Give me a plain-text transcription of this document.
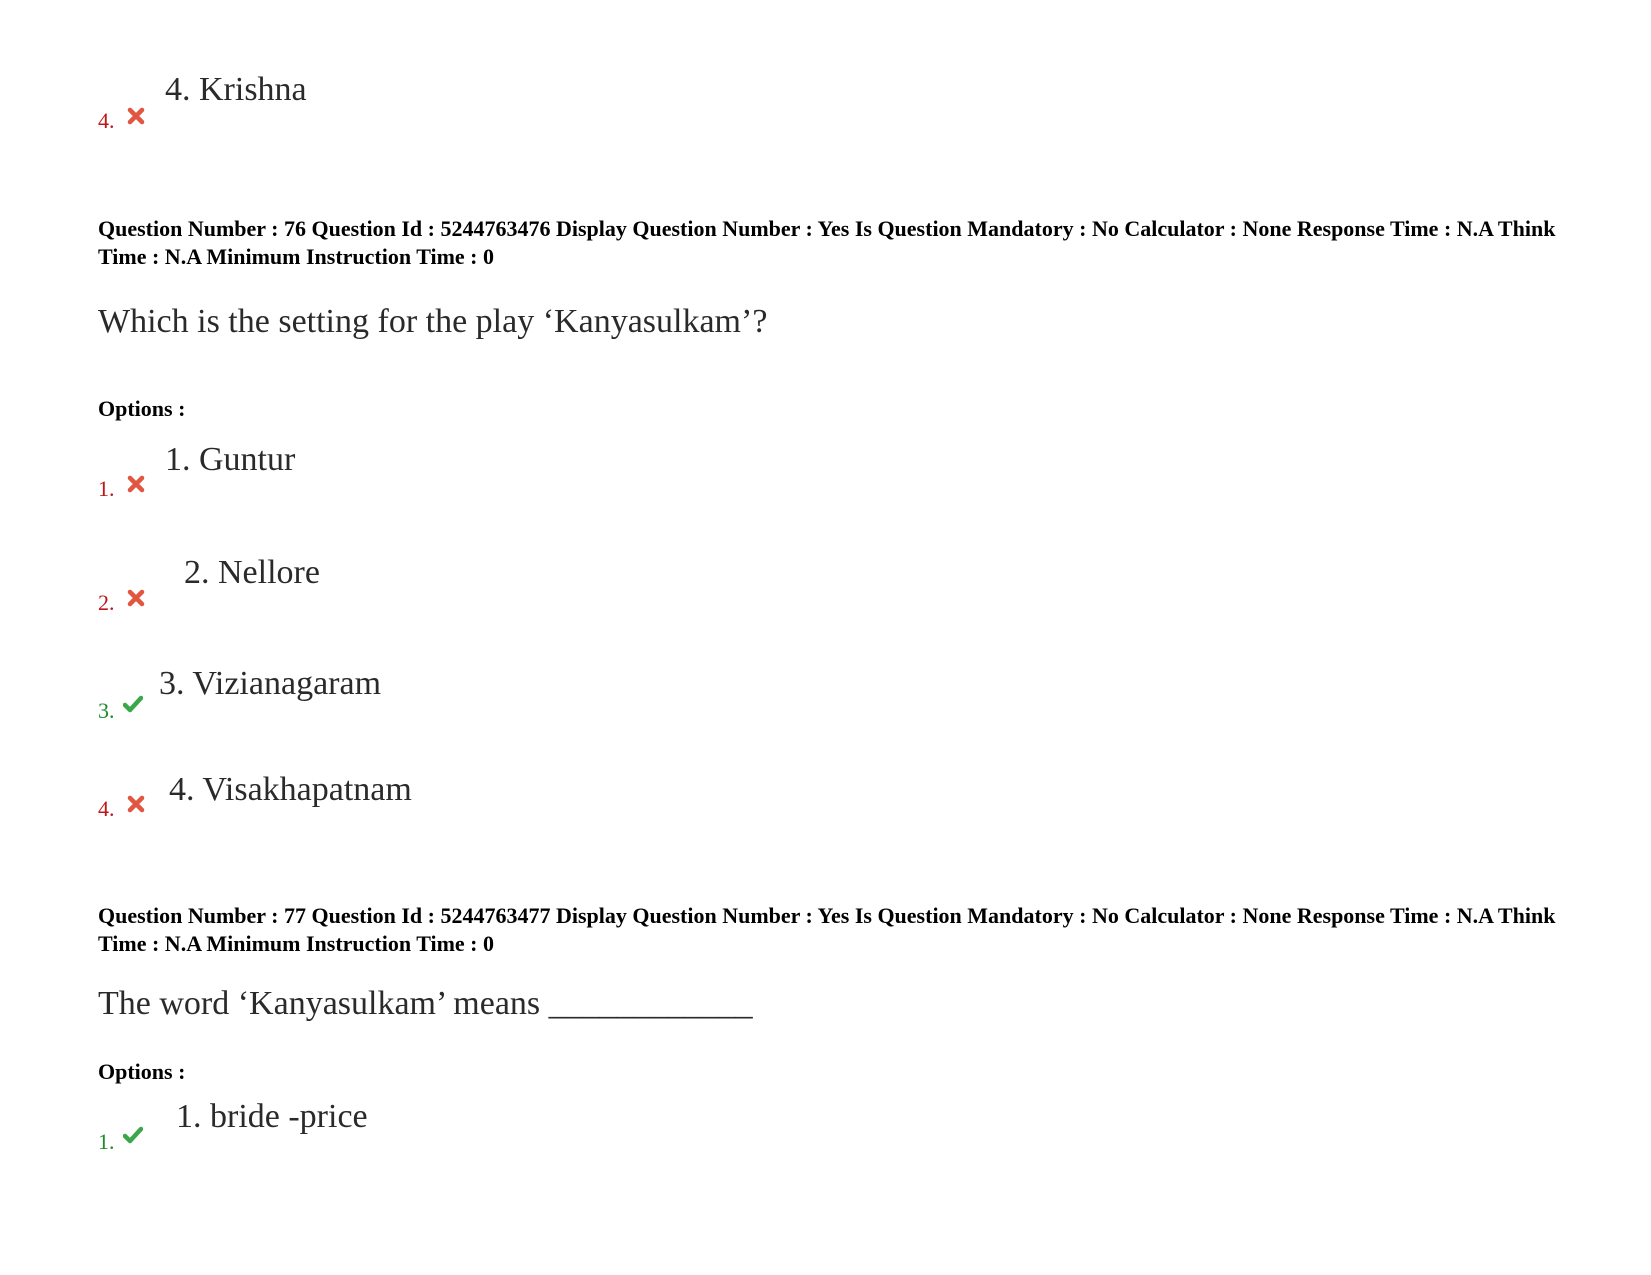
4.
4. Krishna
Question Number : 76 Question Id : 5244763476 Display Question Number : Yes Is Question Mandatory : No Calculator : None Response Time : N.A Think Time : N.A Minimum Instruction Time : 0
Which is the setting for the play ‘Kanyasulkam’?
Options :
1.
1. Guntur
2.
2. Nellore
3.
3. Vizianagaram
4.
4. Visakhapatnam
Question Number : 77 Question Id : 5244763477 Display Question Number : Yes Is Question Mandatory : No Calculator : None Response Time : N.A Think Time : N.A Minimum Instruction Time : 0
The word ‘Kanyasulkam’ means ____________
Options :
1.
1. bride -price
